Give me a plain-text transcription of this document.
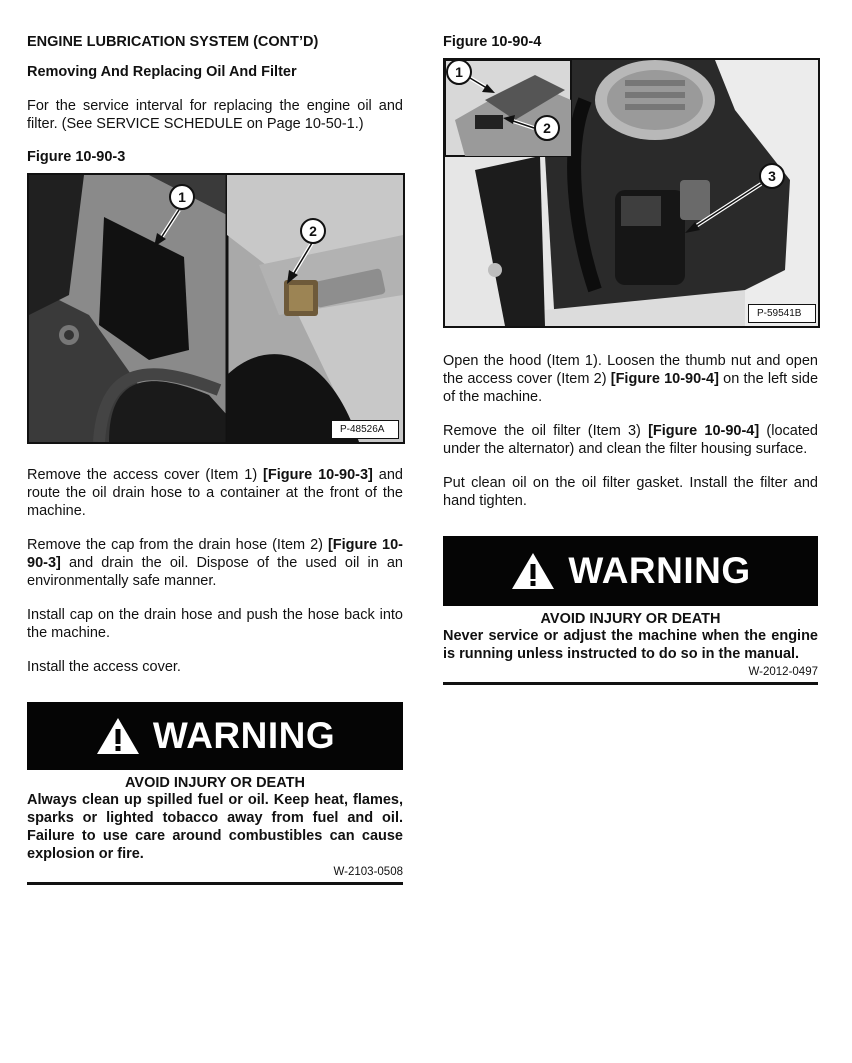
ENGINE LUBRICATION SYSTEM (CONT’D)
Removing And Replacing Oil And Filter

For the service interval for replacing the engine oil and filter. (See SERVICE SCHEDULE on Page 10-50-1.)

Figure 10-90-3
1
2
P-48526A

Remove the access cover (Item 1) [Figure 10-90-3] and route the oil drain hose to a container at the front of the machine.

Remove the cap from the drain hose (Item 2) [Figure 10-90-3] and drain the oil. Dispose of the used oil in an environmentally safe manner.

Install cap on the drain hose and push the hose back into the machine.

Install the access cover.

WARNING
AVOID INJURY OR DEATH
Always clean up spilled fuel or oil. Keep heat, flames, sparks or lighted tobacco away from fuel and oil. Failure to use care around combustibles can cause explosion or fire.
W-2103-0508
Figure 10-90-4
1
2
3
P-59541B

Open the hood (Item 1). Loosen the thumb nut and open the access cover (Item 2) [Figure 10-90-4] on the left side of the machine.

Remove the oil filter (Item 3) [Figure 10-90-4] (located under the alternator) and clean the filter housing surface.

Put clean oil on the oil filter gasket. Install the filter and hand tighten.

WARNING
AVOID INJURY OR DEATH
Never service or adjust the machine when the engine is running unless instructed to do so in the manual.
W-2012-0497
